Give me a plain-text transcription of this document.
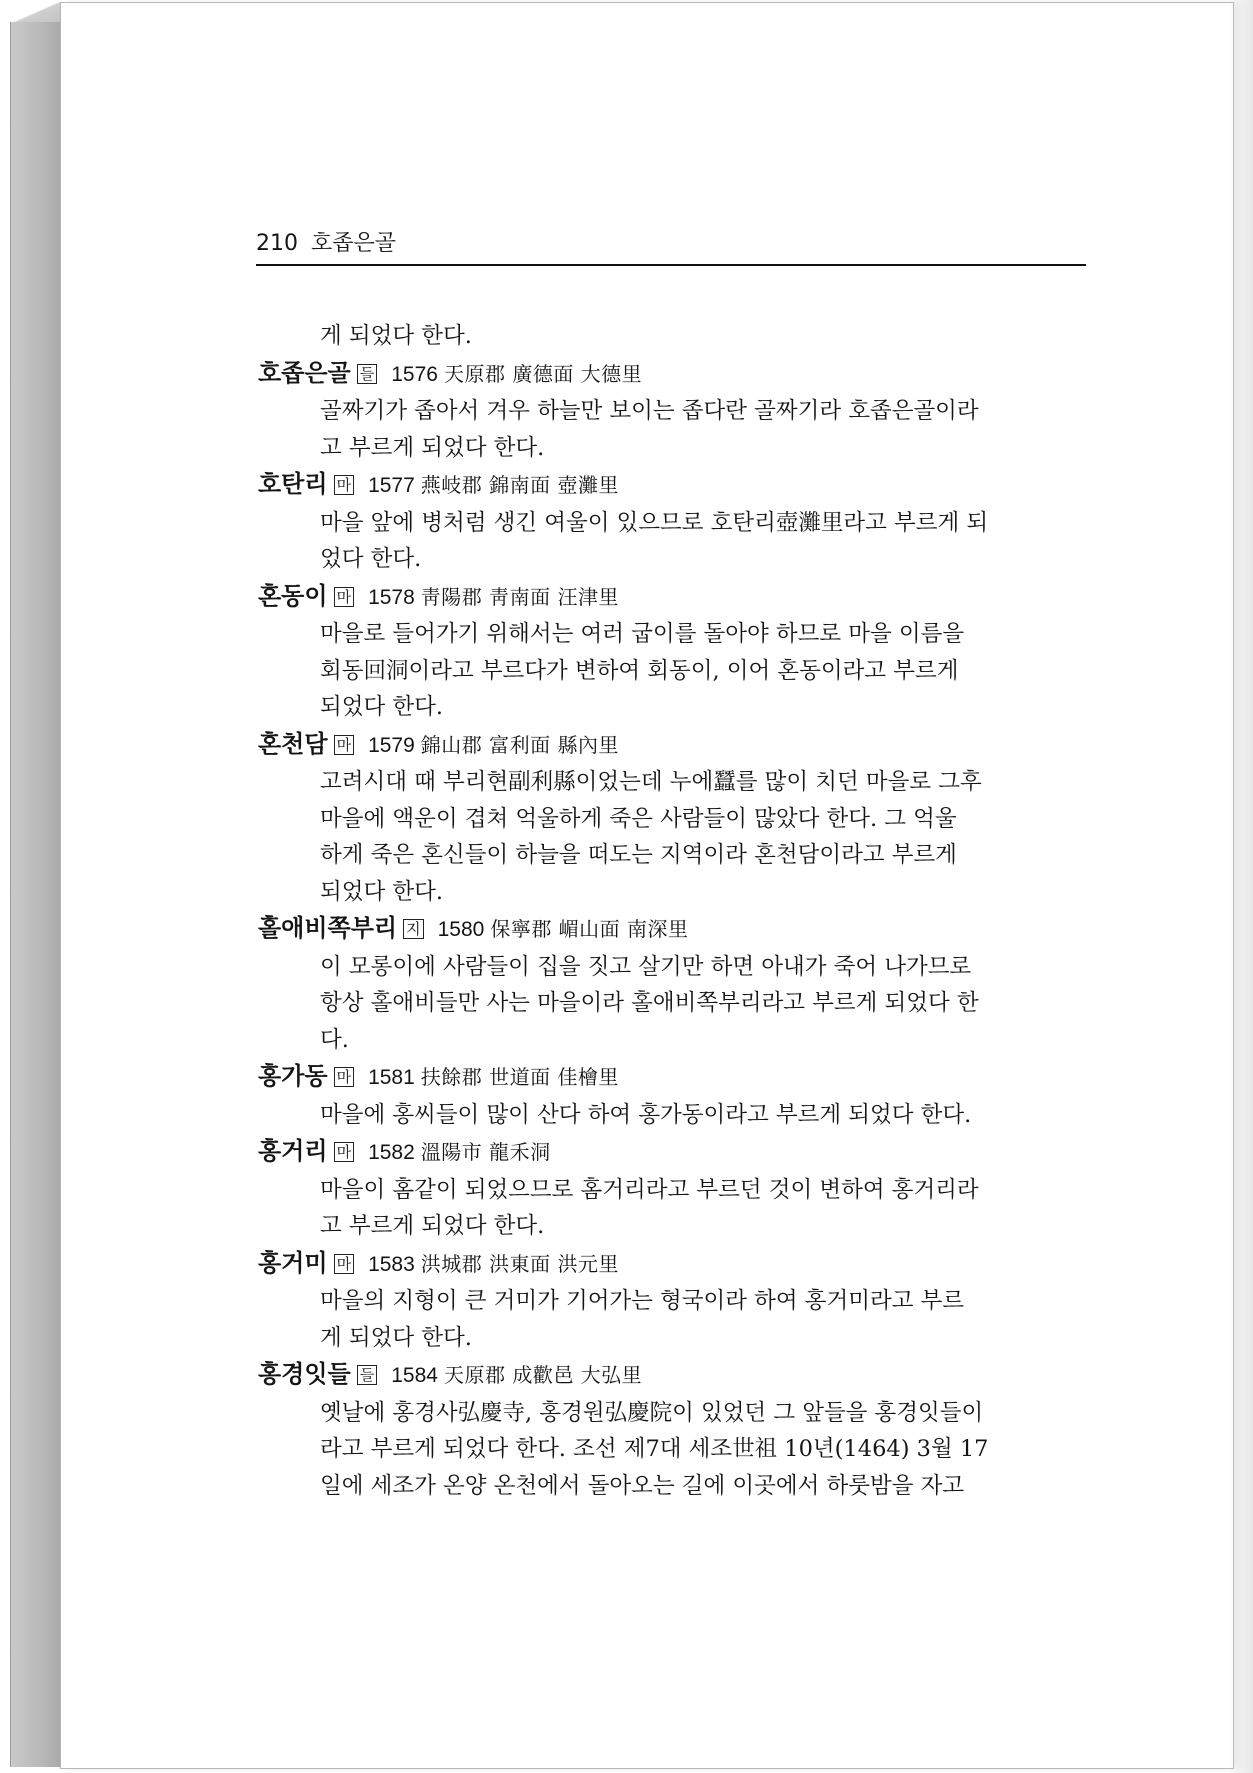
210 호좁은골
게 되었다 한다.
호좁은골 들 1576 天原郡 廣德面 大德里
골짜기가 좁아서 겨우 하늘만 보이는 좁다란 골짜기라 호좁은골이라
고 부르게 되었다 한다.
호탄리 마 1577 燕岐郡 錦南面 壺灘里
마을 앞에 병처럼 생긴 여울이 있으므로 호탄리壺灘里라고 부르게 되
었다 한다.
혼동이 마 1578 靑陽郡 靑南面 汪津里
마을로 들어가기 위해서는 여러 굽이를 돌아야 하므로 마을 이름을
회동回洞이라고 부르다가 변하여 회동이, 이어 혼동이라고 부르게
되었다 한다.
혼천담 마 1579 錦山郡 富利面 縣內里
고려시대 때 부리현副利縣이었는데 누에蠶를 많이 치던 마을로 그후
마을에 액운이 겹쳐 억울하게 죽은 사람들이 많았다 한다. 그 억울
하게 죽은 혼신들이 하늘을 떠도는 지역이라 혼천담이라고 부르게
되었다 한다.
홀애비쪽부리 지 1580 保寧郡 嵋山面 南深里
이 모롱이에 사람들이 집을 짓고 살기만 하면 아내가 죽어 나가므로
항상 홀애비들만 사는 마을이라 홀애비쪽부리라고 부르게 되었다 한
다.
홍가동 마 1581 扶餘郡 世道面 佳檜里
마을에 홍씨들이 많이 산다 하여 홍가동이라고 부르게 되었다 한다.
홍거리 마 1582 溫陽市 龍禾洞
마을이 홈같이 되었으므로 홈거리라고 부르던 것이 변하여 홍거리라
고 부르게 되었다 한다.
홍거미 마 1583 洪城郡 洪東面 洪元里
마을의 지형이 큰 거미가 기어가는 형국이라 하여 홍거미라고 부르
게 되었다 한다.
홍경잇들 들 1584 天原郡 成歡邑 大弘里
옛날에 홍경사弘慶寺, 홍경원弘慶院이 있었던 그 앞들을 홍경잇들이
라고 부르게 되었다 한다. 조선 제7대 세조世祖 10년(1464) 3월 17
일에 세조가 온양 온천에서 돌아오는 길에 이곳에서 하룻밤을 자고
